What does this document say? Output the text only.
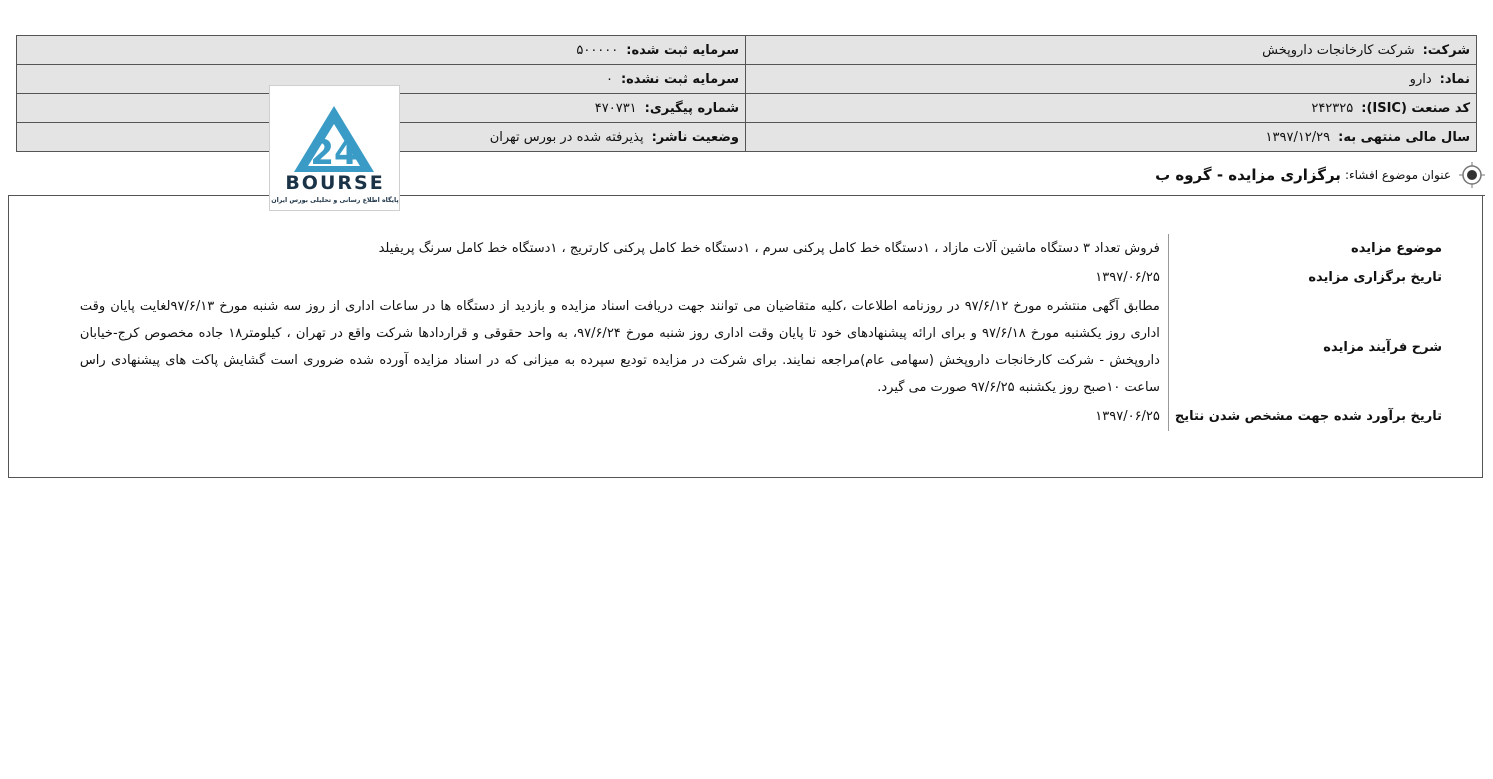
شرکت:شرکت کارخانجات داروپخش	سرمایه ثبت شده:۵۰۰۰۰۰
نماد:دارو	سرمایه ثبت نشده:۰
کد صنعت (ISIC):۲۴۲۳۲۵	شماره پیگیری:۴۷۰۷۳۱
سال مالی منتهی به:۱۳۹۷/۱۲/۲۹	وضعیت ناشر:پذیرفته شده در بورس تهران
عنوان موضوع افشاء:
برگزاری مزایده - گروه ب
موضوع مزایده	فروش تعداد ۳ دستگاه ماشین آلات مازاد ، ۱دستگاه خط کامل پرکنی سرم ، ۱دستگاه خط کامل پرکنی کارتریج ، ۱دستگاه خط کامل سرنگ پریفیلد
تاریخ برگزاری مزایده	۱۳۹۷/۰۶/۲۵
شرح فرآیند مزایده	مطابق آگهی منتشره مورخ ۹۷/۶/۱۲ در روزنامه اطلاعات ،کلیه متقاضیان می توانند جهت دریافت اسناد مزایده و بازدید از دستگاه ها در ساعات اداری از روز سه شنبه مورخ ۹۷/۶/۱۳لغایت پایان وقت اداری روز یکشنبه مورخ ۹۷/۶/۱۸ و برای ارائه پیشنهادهای خود تا پایان وقت اداری روز شنبه مورخ ۹۷/۶/۲۴، به واحد حقوقی و قراردادها شرکت واقع در تهران ، کیلومتر۱۸ جاده مخصوص کرج-خیابان داروپخش - شرکت کارخانجات داروپخش (سهامی عام)مراجعه نمایند. برای شرکت در مزایده تودیع سپرده به میزانی که در اسناد مزایده آورده شده ضروری است گشایش پاکت های پیشنهادی راس ساعت ۱۰صبح روز یکشنبه ۹۷/۶/۲۵ صورت می گیرد.
تاریخ برآورد شده جهت مشخص شدن نتایج	۱۳۹۷/۰۶/۲۵
24
BOURSE
پایگاه اطلاع رسانی و تحلیلی بورس ایران
